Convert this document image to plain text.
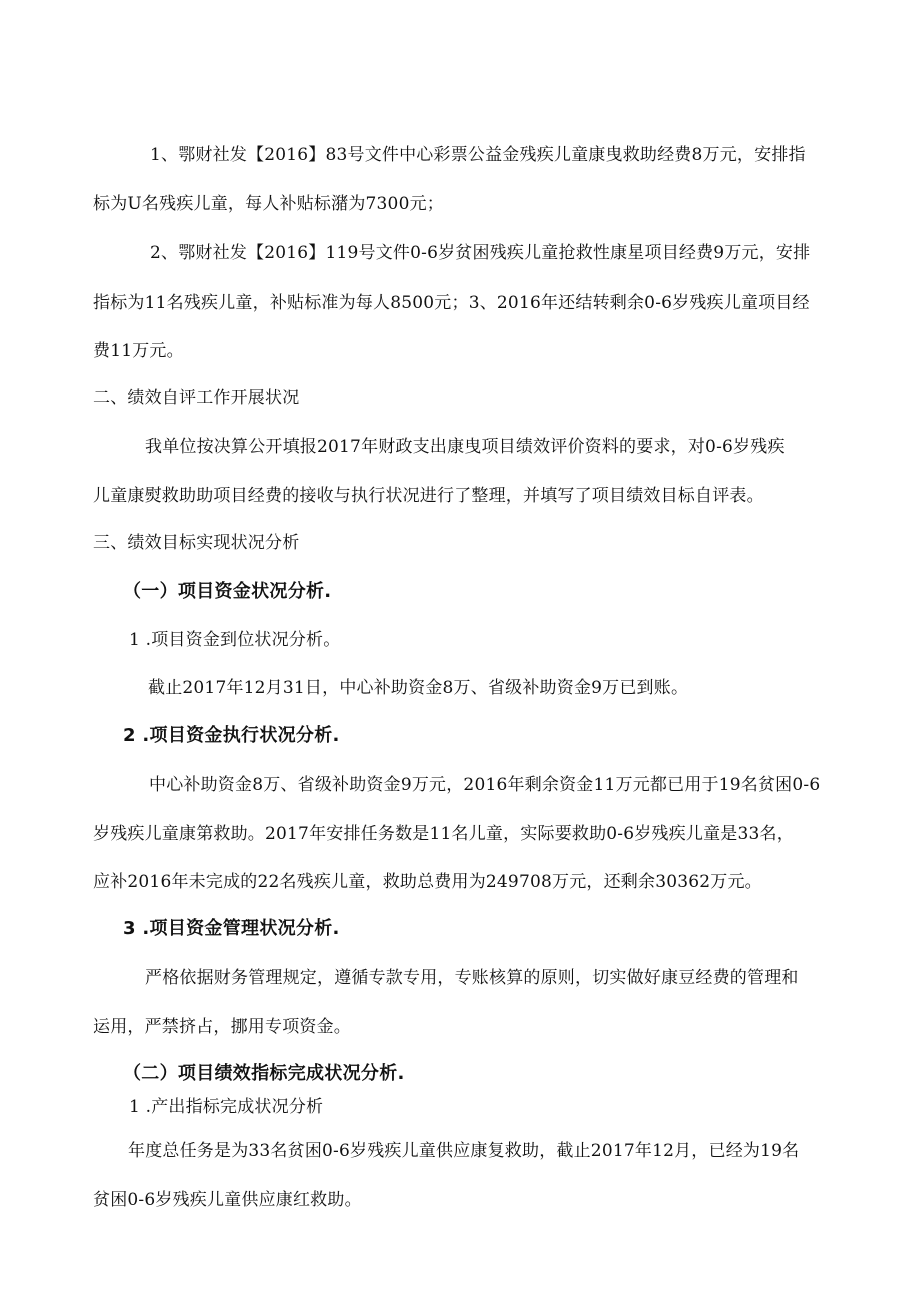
1、鄂财社发【2016】83号文件中心彩票公益金残疾儿童康曳救助经费8万元，安排指
标为U名残疾儿童，每人补贴标潴为7300元；
2、鄂财社发【2016】119号文件0-6岁贫困残疾儿童抢救性康星项目经费9万元，安排
指标为11名残疾儿童，补贴标准为每人8500元；3、2016年还结转剩余0-6岁残疾儿童项目经
费11万元。
二、绩效自评工作开展状况
我单位按决算公开填报2017年财政支出康曳项目绩效评价资料的要求，对0-6岁残疾
儿童康熨救助助项目经费的接收与执行状况进行了整理，并填写了项目绩效目标自评表。
三、绩效目标实现状况分析
（一）项目资金状况分析.
1 .项目资金到位状况分析。
截止2017年12月31日，中心补助资金8万、省级补助资金9万已到账。
2 .项目资金执行状况分析.
中心补助资金8万、省级补助资金9万元，2016年剩余资金11万元都已用于19名贫困0-6
岁残疾儿童康第救助。2017年安排任务数是11名儿童，实际要救助0-6岁残疾儿童是33名，
应补2016年未完成的22名残疾儿童，救助总费用为249708万元，还剩余30362万元。
3 .项目资金管理状况分析.
严格依据财务管理规定，遵循专款专用，专账核算的原则，切实做好康豆经费的管理和
运用，严禁挤占，挪用专项资金。
（二）项目绩效指标完成状况分析.
1 .产出指标完成状况分析
年度总任务是为33名贫困0-6岁残疾儿童供应康复救助，截止2017年12月，已经为19名
贫困0-6岁残疾儿童供应康红救助。
